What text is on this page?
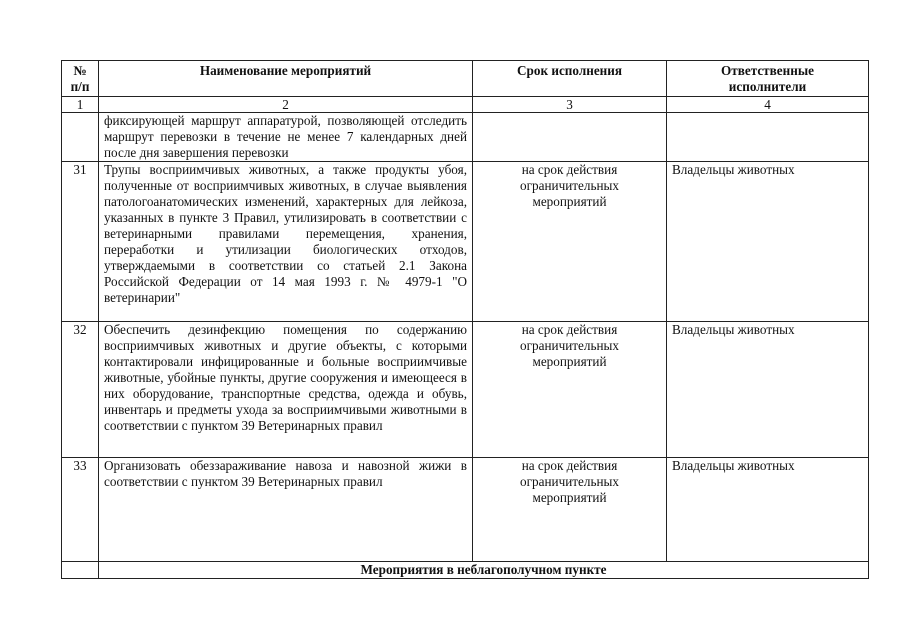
№ п/п	Наименование мероприятий	Срок исполнения	Ответственные исполнители
1	2	3	4
	фиксирующей маршрут аппаратурой, позволяющей отследить маршрут перевозки в течение не менее 7 календарных дней после дня завершения перевозки		
31	Трупы восприимчивых животных, а также продукты убоя, полученные от восприимчивых животных, в случае выявления патологоанатомических изменений, характерных для лейкоза, указанных в пункте 3 Правил, утилизировать в соответствии с ветеринарными правилами перемещения, хранения, переработки и утилизации биологических отходов, утверждаемыми в соответствии со статьей 2.1 Закона Российской Федерации от 14 мая 1993 г. № 4979-1 "О ветеринарии"	на срок действия ограничительных мероприятий	Владельцы животных
32	Обеспечить дезинфекцию помещения по содержанию восприимчивых животных и другие объекты, с которыми контактировали инфицированные и больные восприимчивые животные, убойные пункты, другие сооружения и имеющееся в них оборудование, транспортные средства, одежда и обувь, инвентарь и предметы ухода за восприимчивыми животными в соответствии с пунктом 39 Ветеринарных правил	на срок действия ограничительных мероприятий	Владельцы животных
33	Организовать обеззараживание навоза и навозной жижи в соответствии с пунктом 39 Ветеринарных правил	на срок действия ограничительных мероприятий	Владельцы животных
	Мероприятия в неблагополучном пункте		
